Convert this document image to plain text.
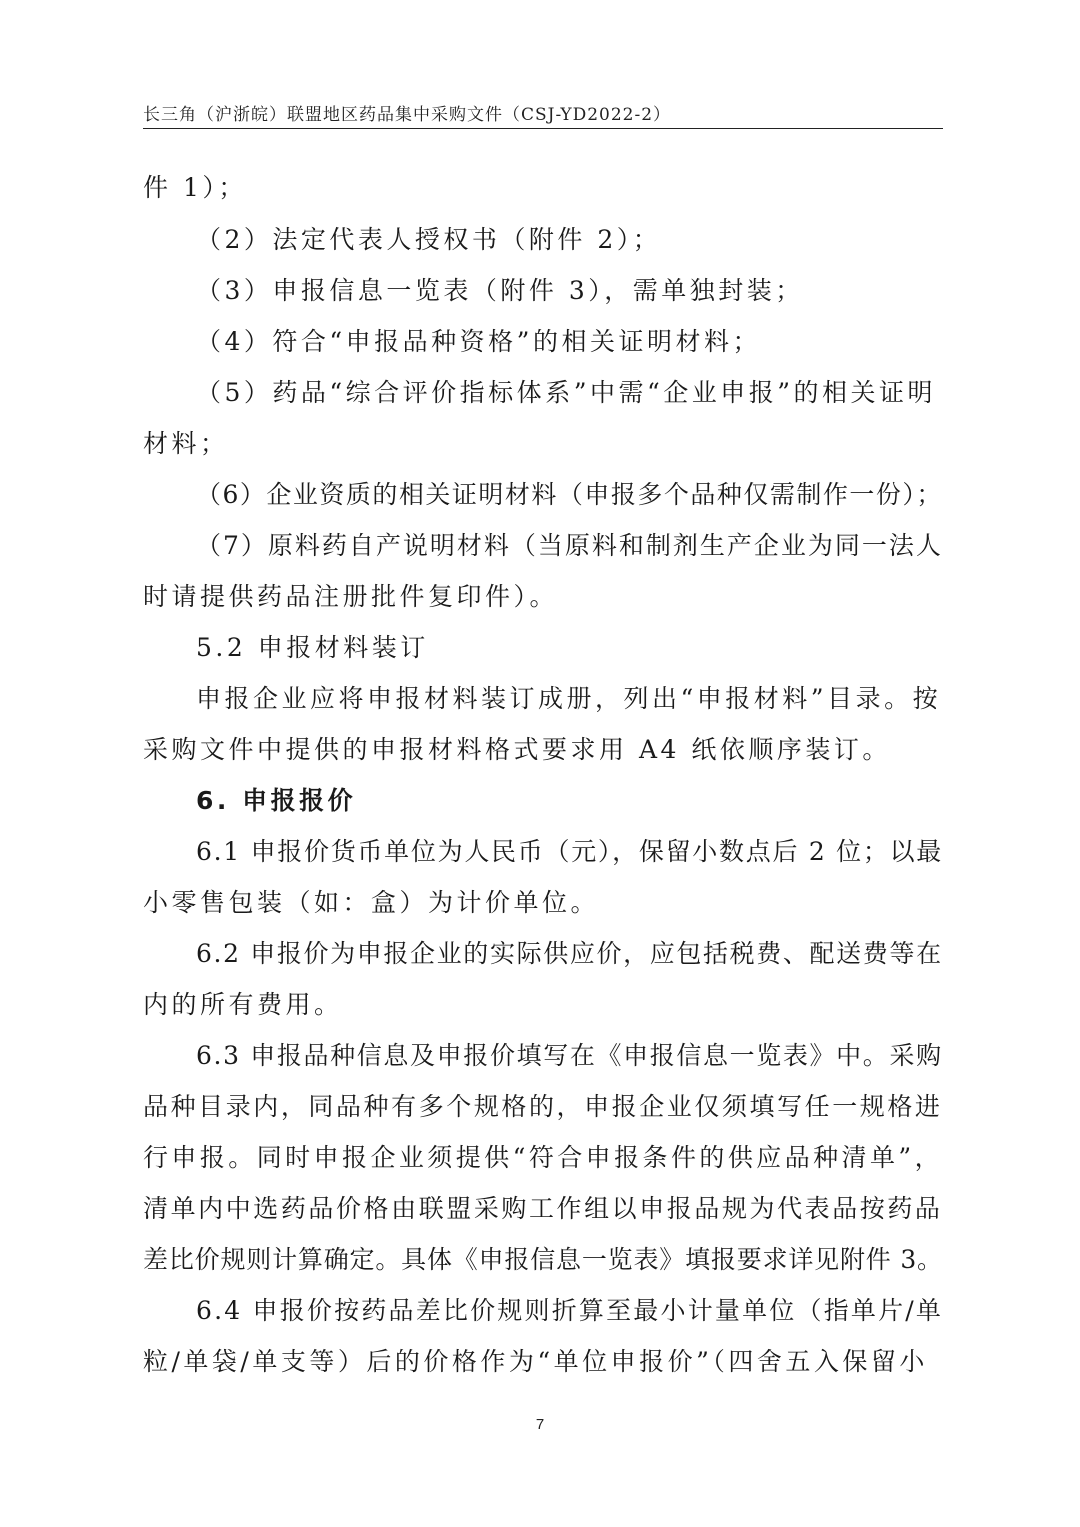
长三角（沪浙皖）联盟地区药品集中采购文件（CSJ-YD2022-2）
件 1）；
（2）法定代表人授权书（附件 2）；
（3）申报信息一览表（附件 3），需单独封装；
（4）符合“申报品种资格”的相关证明材料；
（5）药品“综合评价指标体系”中需“企业申报”的相关证明
材料；
（6）企业资质的相关证明材料（申报多个品种仅需制作一份）；
（7）原料药自产说明材料（当原料和制剂生产企业为同一法人
时请提供药品注册批件复印件）。
5.2 申报材料装订
申报企业应将申报材料装订成册，列出“申报材料”目录。按
采购文件中提供的申报材料格式要求用 A4 纸依顺序装订。
6. 申报报价
6.1 申报价货币单位为人民币（元），保留小数点后 2 位；以最
小零售包装（如：盒）为计价单位。
6.2 申报价为申报企业的实际供应价，应包括税费、配送费等在
内的所有费用。
6.3 申报品种信息及申报价填写在《申报信息一览表》中。采购
品种目录内，同品种有多个规格的，申报企业仅须填写任一规格进
行申报。同时申报企业须提供“符合申报条件的供应品种清单”，
清单内中选药品价格由联盟采购工作组以申报品规为代表品按药品
差比价规则计算确定。具体《申报信息一览表》填报要求详见附件 3。
6.4 申报价按药品差比价规则折算至最小计量单位（指单片/单
粒/单袋/单支等）后的价格作为“单位申报价”（四舍五入保留小
7
